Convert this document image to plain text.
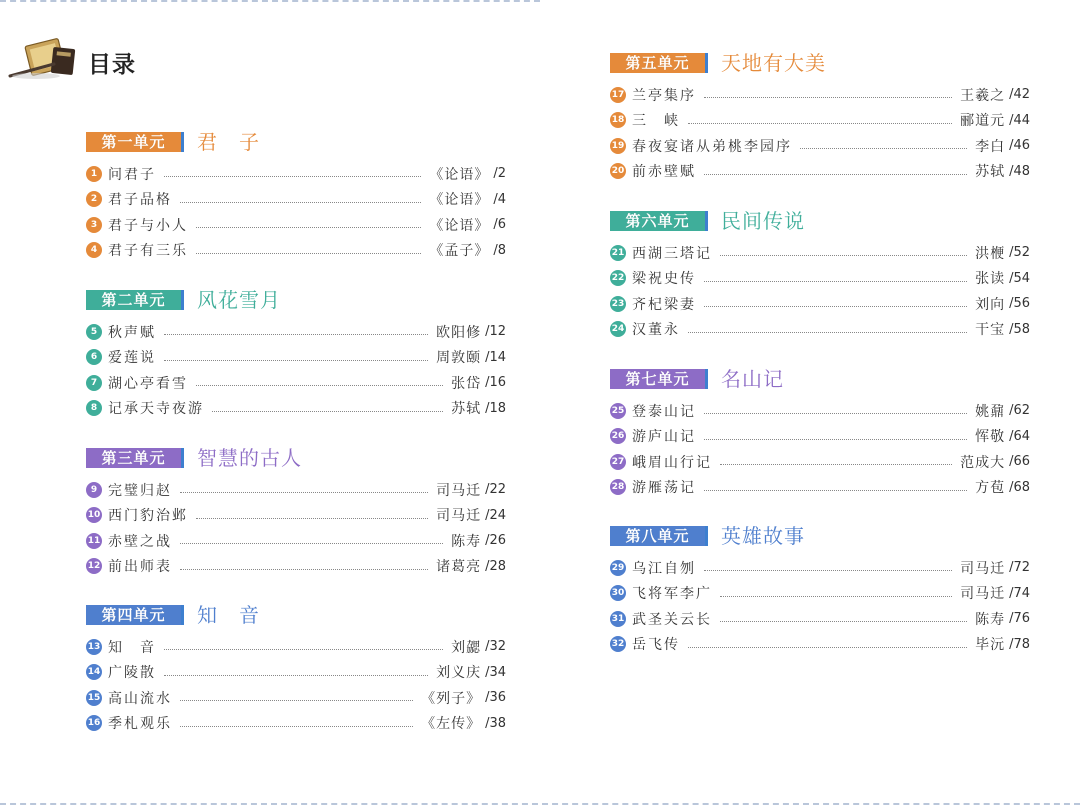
目录
第一单元	君　子
1 问君子	《论语》 /2
2 君子品格	《论语》 /4
3 君子与小人	《论语》 /6
4 君子有三乐	《孟子》 /8
第二单元	风花雪月
5 秋声赋	欧阳修 /12
6 爱莲说	周敦颐 /14
7 湖心亭看雪	张岱 /16
8 记承天寺夜游	苏轼 /18
第三单元	智慧的古人
9 完璧归赵	司马迁 /22
10 西门豹治邺	司马迁 /24
11 赤壁之战	陈寿 /26
12 前出师表	诸葛亮 /28
第四单元	知　音
13 知　音	刘勰 /32
14 广陵散	刘义庆 /34
15 高山流水	《列子》 /36
16 季札观乐	《左传》 /38
第五单元	天地有大美
17 兰亭集序	王羲之 /42
18 三　峡	郦道元 /44
19 春夜宴诸从弟桃李园序	李白 /46
20 前赤壁赋	苏轼 /48
第六单元	民间传说
21 西湖三塔记	洪楩 /52
22 梁祝史传	张读 /54
23 齐杞梁妻	刘向 /56
24 汉董永	干宝 /58
第七单元	名山记
25 登泰山记	姚鼐 /62
26 游庐山记	恽敬 /64
27 峨眉山行记	范成大 /66
28 游雁荡记	方苞 /68
第八单元	英雄故事
29 乌江自刎	司马迁 /72
30 飞将军李广	司马迁 /74
31 武圣关云长	陈寿 /76
32 岳飞传	毕沅 /78
